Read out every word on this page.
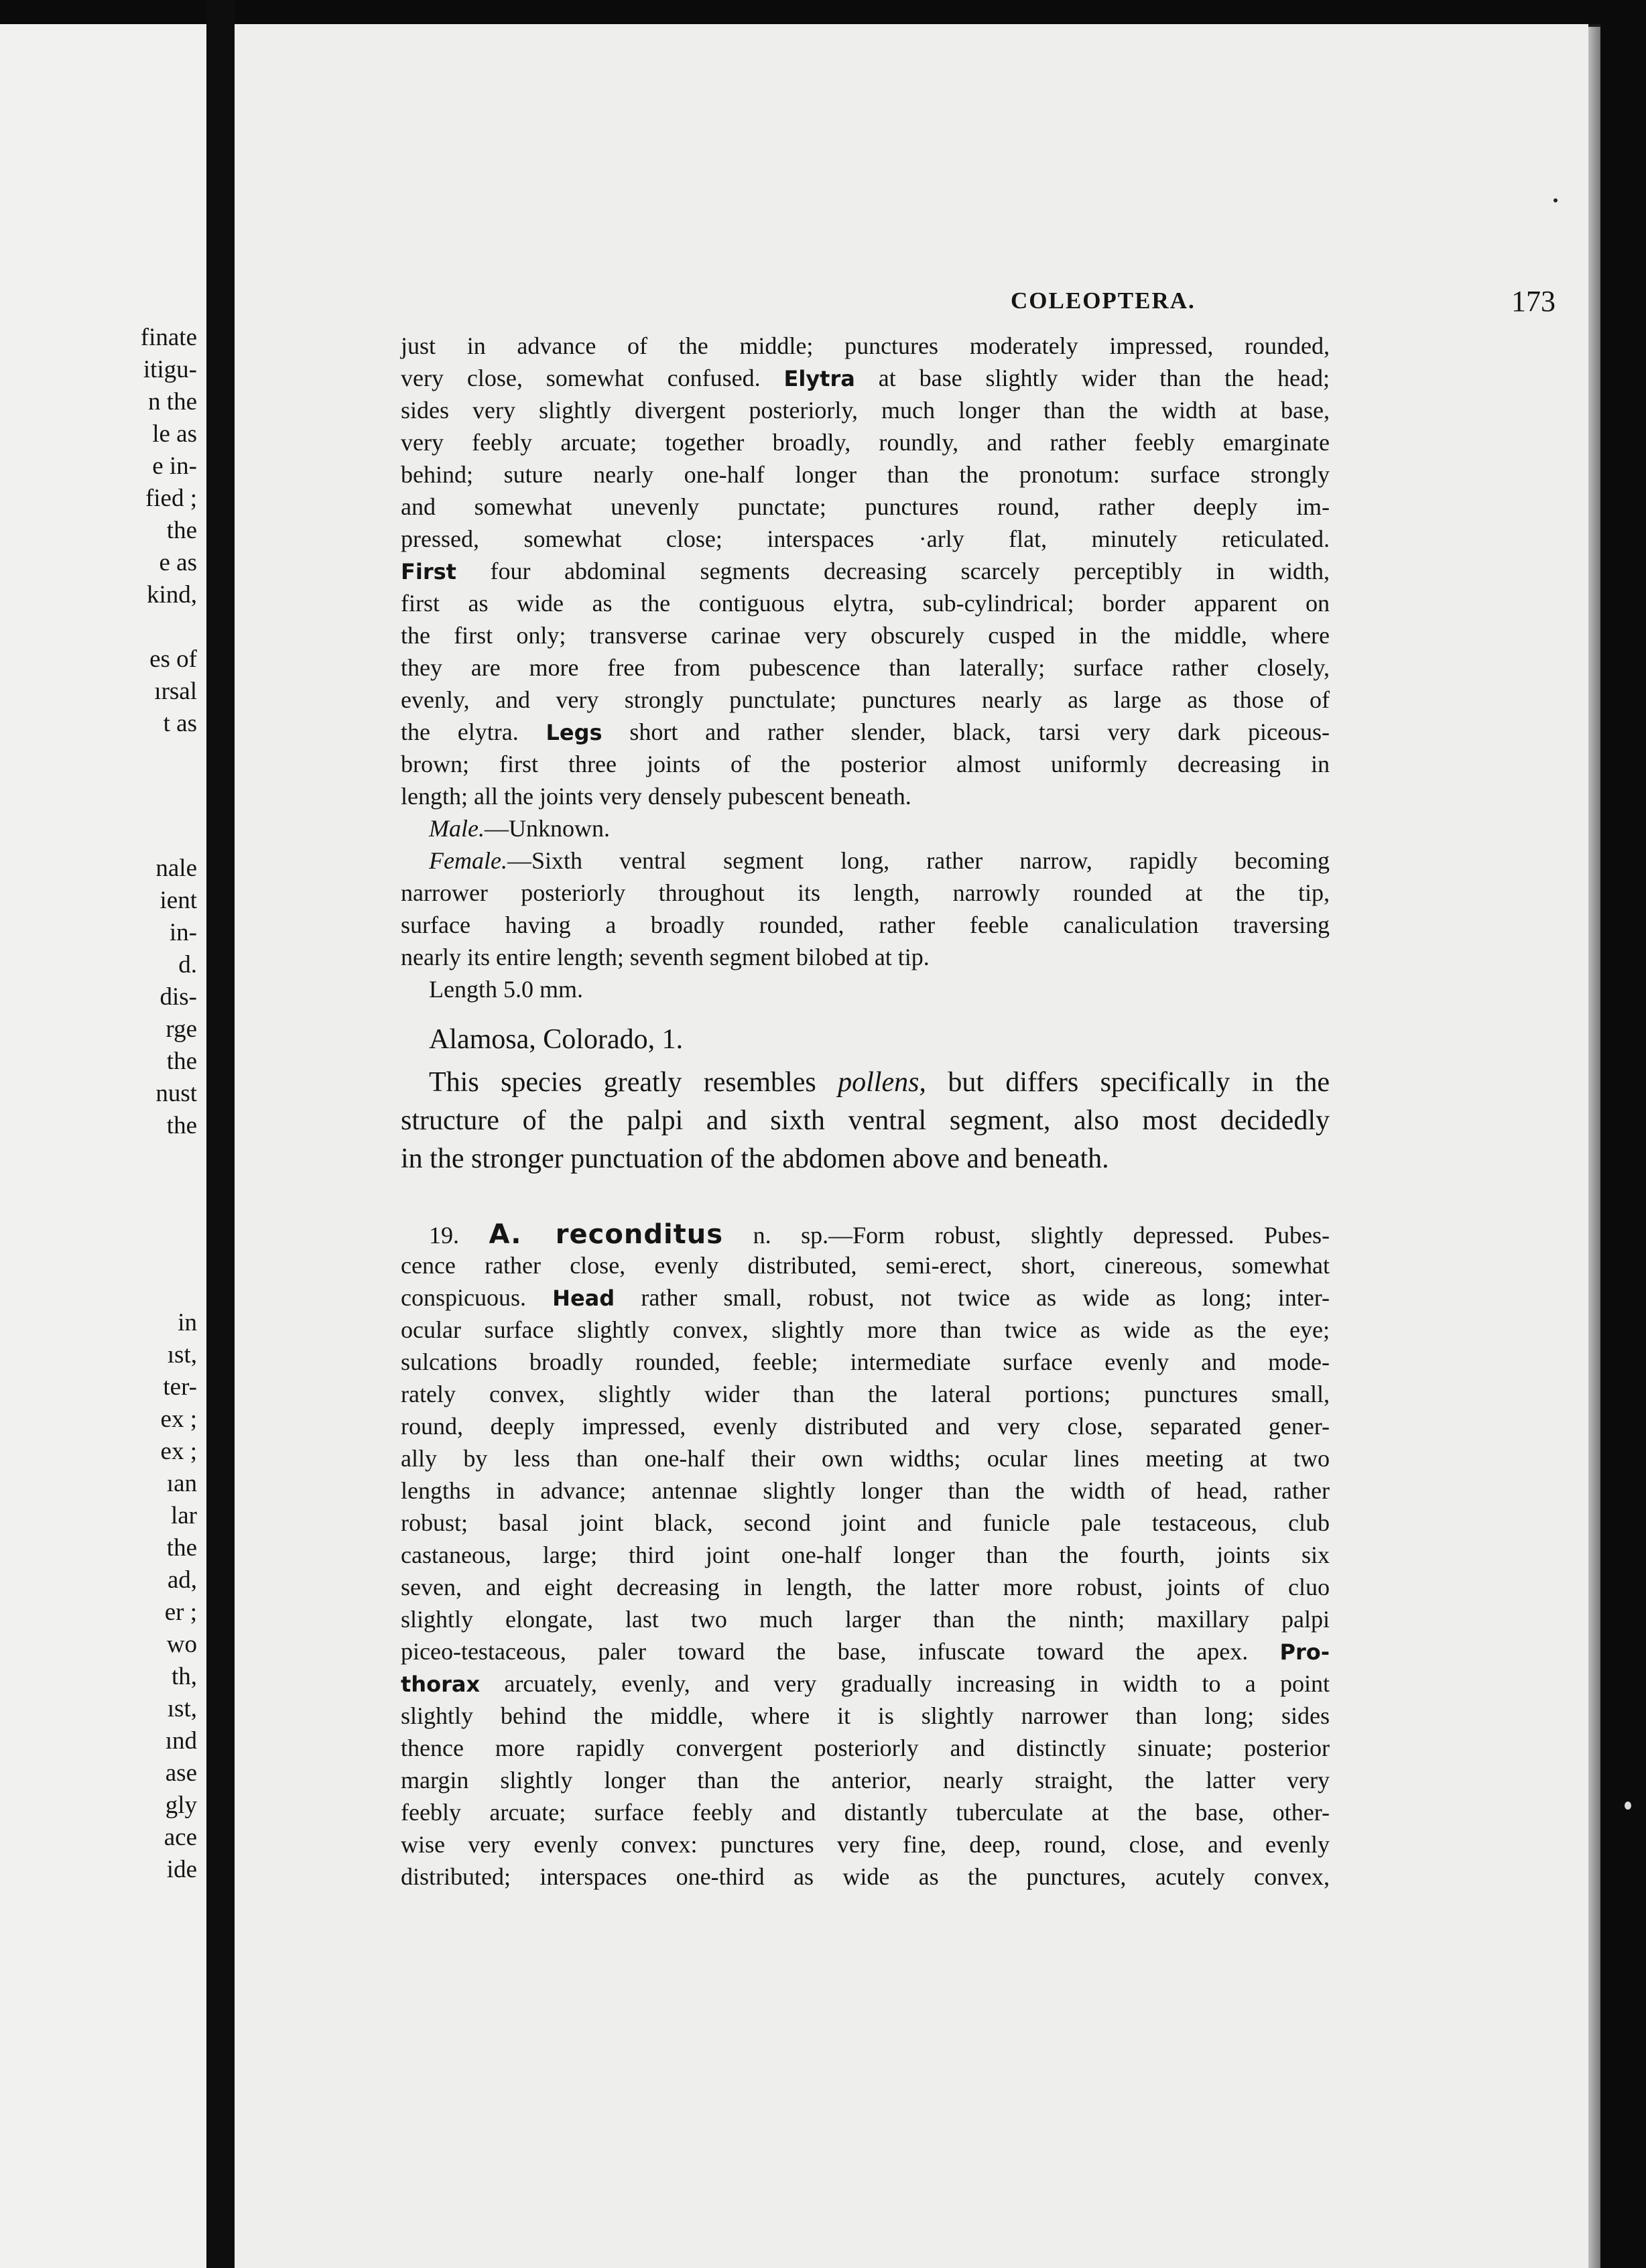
finate
itigu-
n the
le as
e in-
fied ;
the
e as
kind,
es of
ırsal
t as
nale
ient
in-
d.
dis-
rge
the
nust
the
in
ıst,
ter-
ex ;
ex ;
ıan
lar
the
ad,
er ;
wo
th,
ıst,
ınd
ase
gly
ace
ide
COLEOPTERA.	173
just in advance of the middle; punctures moderately impressed, rounded,
very close, somewhat confused. Elytra at base slightly wider than the head;
sides very slightly divergent posteriorly, much longer than the width at base,
very feebly arcuate; together broadly, roundly, and rather feebly emarginate
behind; suture nearly one-half longer than the pronotum: surface strongly
and somewhat unevenly punctate; punctures round, rather deeply im-
pressed, somewhat close; interspaces ·arly flat, minutely reticulated.
First four abdominal segments decreasing scarcely perceptibly in width,
first as wide as the contiguous elytra, sub-cylindrical; border apparent on
the first only; transverse carinae very obscurely cusped in the middle, where
they are more free from pubescence than laterally; surface rather closely,
evenly, and very strongly punctulate; punctures nearly as large as those of
the elytra. Legs short and rather slender, black, tarsi very dark piceous-
brown; first three joints of the posterior almost uniformly decreasing in
length; all the joints very densely pubescent beneath.
Male.—Unknown.
Female.—Sixth ventral segment long, rather narrow, rapidly becoming
narrower posteriorly throughout its length, narrowly rounded at the tip,
surface having a broadly rounded, rather feeble canaliculation traversing
nearly its entire length; seventh segment bilobed at tip.
Length 5.0 mm.
Alamosa, Colorado, 1.
This species greatly resembles pollens, but differs specifically in the
structure of the palpi and sixth ventral segment, also most decidedly
in the stronger punctuation of the abdomen above and beneath.
19. A. reconditus n. sp.—Form robust, slightly depressed. Pubes-
cence rather close, evenly distributed, semi-erect, short, cinereous, somewhat
conspicuous. Head rather small, robust, not twice as wide as long; inter-
ocular surface slightly convex, slightly more than twice as wide as the eye;
sulcations broadly rounded, feeble; intermediate surface evenly and mode-
rately convex, slightly wider than the lateral portions; punctures small,
round, deeply impressed, evenly distributed and very close, separated gener-
ally by less than one-half their own widths; ocular lines meeting at two
lengths in advance; antennae slightly longer than the width of head, rather
robust; basal joint black, second joint and funicle pale testaceous, club
castaneous, large; third joint one-half longer than the fourth, joints six
seven, and eight decreasing in length, the latter more robust, joints of cluo
slightly elongate, last two much larger than the ninth; maxillary palpi
piceo-testaceous, paler toward the base, infuscate toward the apex. Pro-
thorax arcuately, evenly, and very gradually increasing in width to a point
slightly behind the middle, where it is slightly narrower than long; sides
thence more rapidly convergent posteriorly and distinctly sinuate; posterior
margin slightly longer than the anterior, nearly straight, the latter very
feebly arcuate; surface feebly and distantly tuberculate at the base, other-
wise very evenly convex: punctures very fine, deep, round, close, and evenly
distributed; interspaces one-third as wide as the punctures, acutely convex,
